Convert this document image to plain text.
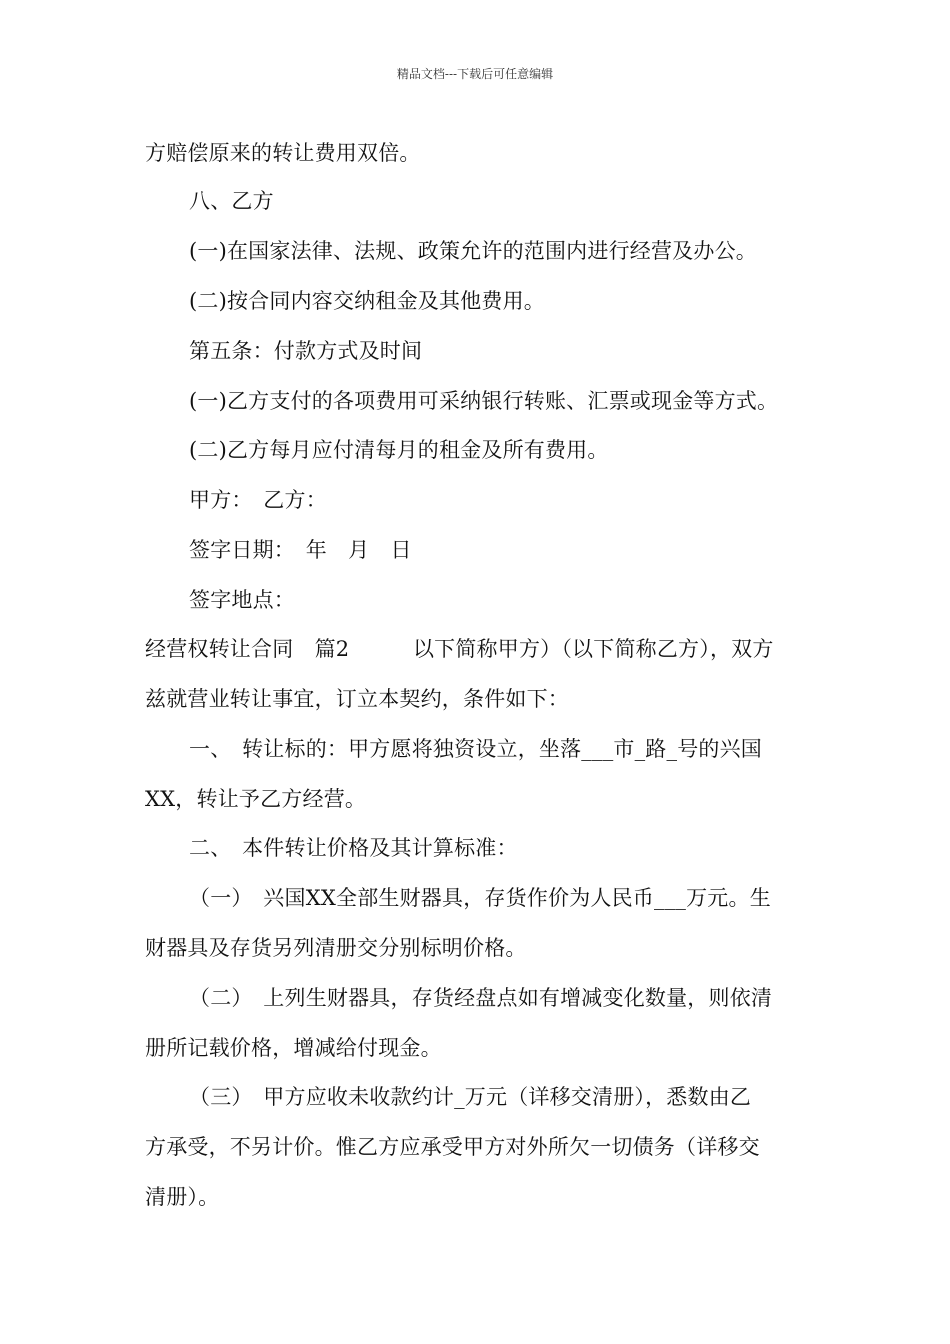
精品文档---下载后可任意编辑
方赔偿原来的转让费用双倍。
八、乙方
(一)在国家法律、法规、政策允许的范围内进行经营及办公。
(二)按合同内容交纳租金及其他费用。
第五条：付款方式及时间
(一)乙方支付的各项费用可采纳银行转账、汇票或现金等方式。
(二)乙方每月应付清每月的租金及所有费用。
甲方：　乙方：
签字日期：　年　月　日
签字地点：
经营权转让合同　篇2　　　以下简称甲方）（以下简称乙方），双方
兹就营业转让事宜，订立本契约，条件如下：
一、　转让标的：甲方愿将独资设立，坐落___市_路_号的兴国
XX，转让予乙方经营。
二、　本件转让价格及其计算标准：
（一）　兴国XX全部生财器具，存货作价为人民币___万元。生
财器具及存货另列清册交分别标明价格。
（二）　上列生财器具，存货经盘点如有增减变化数量，则依清
册所记载价格，增减给付现金。
（三）　甲方应收未收款约计_万元（详移交清册），悉数由乙
方承受，不另计价。惟乙方应承受甲方对外所欠一切债务（详移交
清册）。
